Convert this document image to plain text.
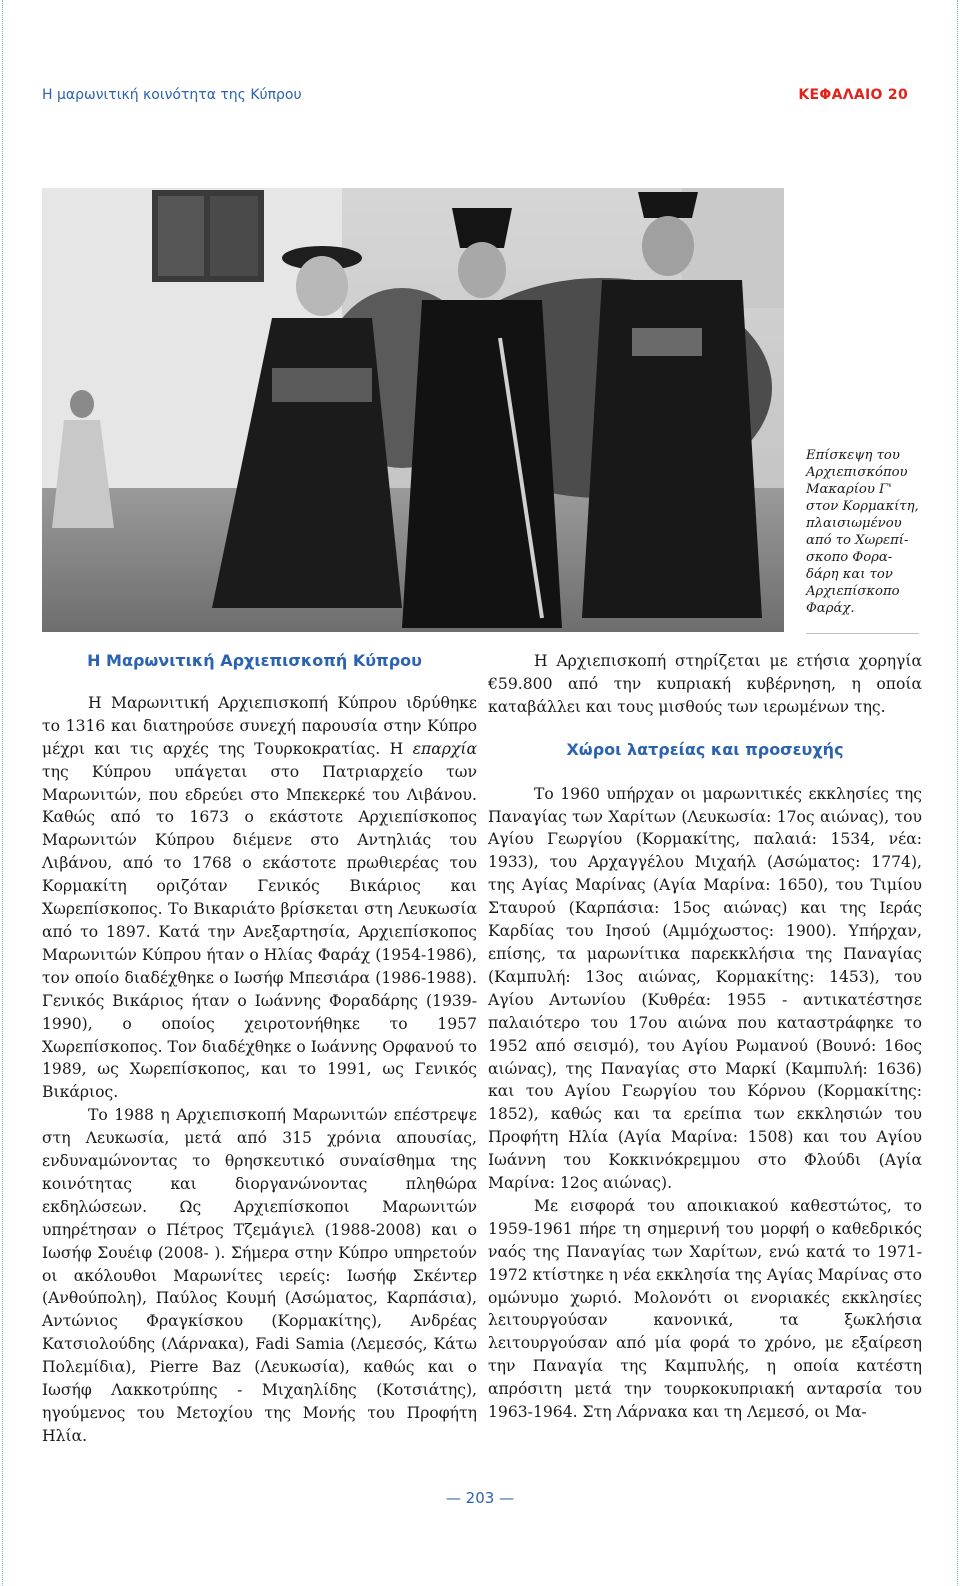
Η μαρωνιτική κοινότητα της Κύπρου	ΚΕΦΑΛΑΙΟ 20
Επίσκεψη του Αρχιεπισκόπου Μακαρίου Γ' στον Κορμακίτη, πλαισιωμένου από το Χωρεπί-σκοπο Φορα-δάρη και τον Αρχιεπίσκοπο Φαράχ.
Η Μαρωνιτική Αρχιεπισκοπή Κύπρου

Η Μαρωνιτική Αρχιεπισκοπή Κύπρου ιδρύθηκε το 1316 και διατηρούσε συνεχή παρουσία στην Κύπρο μέχρι και τις αρχές της Τουρκοκρατίας. Η επαρχία της Κύπρου υπάγεται στο Πατριαρχείο των Μαρωνιτών, που εδρεύει στο Μπεκερκέ του Λιβάνου. Καθώς από το 1673 ο εκάστοτε Αρχιεπίσκοπος Μαρωνιτών Κύπρου διέμενε στο Αντηλιάς του Λιβάνου, από το 1768 ο εκάστοτε πρωθιερέας του Κορμακίτη οριζόταν Γενικός Βικάριος και Χωρεπίσκοπος. Το Βικαριάτο βρίσκεται στη Λευκωσία από το 1897. Κατά την Ανεξαρτησία, Αρχιεπίσκοπος Μαρωνιτών Κύπρου ήταν ο Ηλίας Φαράχ (1954-1986), τον οποίο διαδέχθηκε ο Ιωσήφ Μπεσιάρα (1986-1988). Γενικός Βικάριος ήταν ο Ιωάννης Φοραδάρης (1939-1990), ο οποίος χειροτονήθηκε το 1957 Χωρεπίσκοπος. Τον διαδέχθηκε ο Ιωάννης Ορφανού το 1989, ως Χωρεπίσκοπος, και το 1991, ως Γενικός Βικάριος.

Το 1988 η Αρχιεπισκοπή Μαρωνιτών επέστρεψε στη Λευκωσία, μετά από 315 χρόνια απουσίας, ενδυναμώνοντας το θρησκευτικό συναίσθημα της κοινότητας και διοργανώνοντας πληθώρα εκδηλώσεων. Ως Αρχιεπίσκοποι Μαρωνιτών υπηρέτησαν ο Πέτρος Τζεμάγιελ (1988-2008) και ο Ιωσήφ Σουέιφ (2008- ). Σήμερα στην Κύπρο υπηρετούν οι ακόλουθοι Μαρωνίτες ιερείς: Ιωσήφ Σκέντερ (Ανθούπολη), Παύλος Κουμή (Ασώματος, Καρπάσια), Αντώνιος Φραγκίσκου (Κορμακίτης), Ανδρέας Κατσιολούδης (Λάρνακα), Fadi Samia (Λεμεσός, Κάτω Πολεμίδια), Pierre Baz (Λευκωσία), καθώς και ο Ιωσήφ Λακκοτρύπης - Μιχαηλίδης (Κοτσιάτης), ηγούμενος του Μετοχίου της Μονής του Προφήτη Ηλία.

Η Αρχιεπισκοπή στηρίζεται με ετήσια χορηγία €59.800 από την κυπριακή κυβέρνηση, η οποία καταβάλλει και τους μισθούς των ιερωμένων της.

Χώροι λατρείας και προσευχής

Το 1960 υπήρχαν οι μαρωνιτικές εκκλησίες της Παναγίας των Χαρίτων (Λευκωσία: 17ος αιώνας), του Αγίου Γεωργίου (Κορμακίτης, παλαιά: 1534, νέα: 1933), του Αρχαγγέλου Μιχαήλ (Ασώματος: 1774), της Αγίας Μαρίνας (Αγία Μαρίνα: 1650), του Τιμίου Σταυρού (Καρπάσια: 15ος αιώνας) και της Ιεράς Καρδίας του Ιησού (Αμμόχωστος: 1900). Υπήρχαν, επίσης, τα μαρωνίτικα παρεκκλήσια της Παναγίας (Καμπυλή: 13ος αιώνας, Κορμακίτης: 1453), του Αγίου Αντωνίου (Κυθρέα: 1955 - αντικατέστησε παλαιότερο του 17ου αιώνα που καταστράφηκε το 1952 από σεισμό), του Αγίου Ρωμανού (Βουνό: 16ος αιώνας), της Παναγίας στο Μαρκί (Καμπυλή: 1636) και του Αγίου Γεωργίου του Κόρνου (Κορμακίτης: 1852), καθώς και τα ερείπια των εκκλησιών του Προφήτη Ηλία (Αγία Μαρίνα: 1508) και του Αγίου Ιωάννη του Κοκκινόκρεμμου στο Φλούδι (Αγία Μαρίνα: 12ος αιώνας).

Με εισφορά του αποικιακού καθεστώτος, το 1959-1961 πήρε τη σημερινή του μορφή ο καθεδρικός ναός της Παναγίας των Χαρίτων, ενώ κατά το 1971-1972 κτίστηκε η νέα εκκλησία της Αγίας Μαρίνας στο ομώνυμο χωριό. Μολονότι οι ενοριακές εκκλησίες λειτουργούσαν κανονικά, τα ξωκλήσια λειτουργούσαν από μία φορά το χρόνο, με εξαίρεση την Παναγία της Καμπυλής, η οποία κατέστη απρόσιτη μετά την τουρκοκυπριακή ανταρσία του 1963-1964. Στη Λάρνακα και τη Λεμεσό, οι Μα-

— 203 —
